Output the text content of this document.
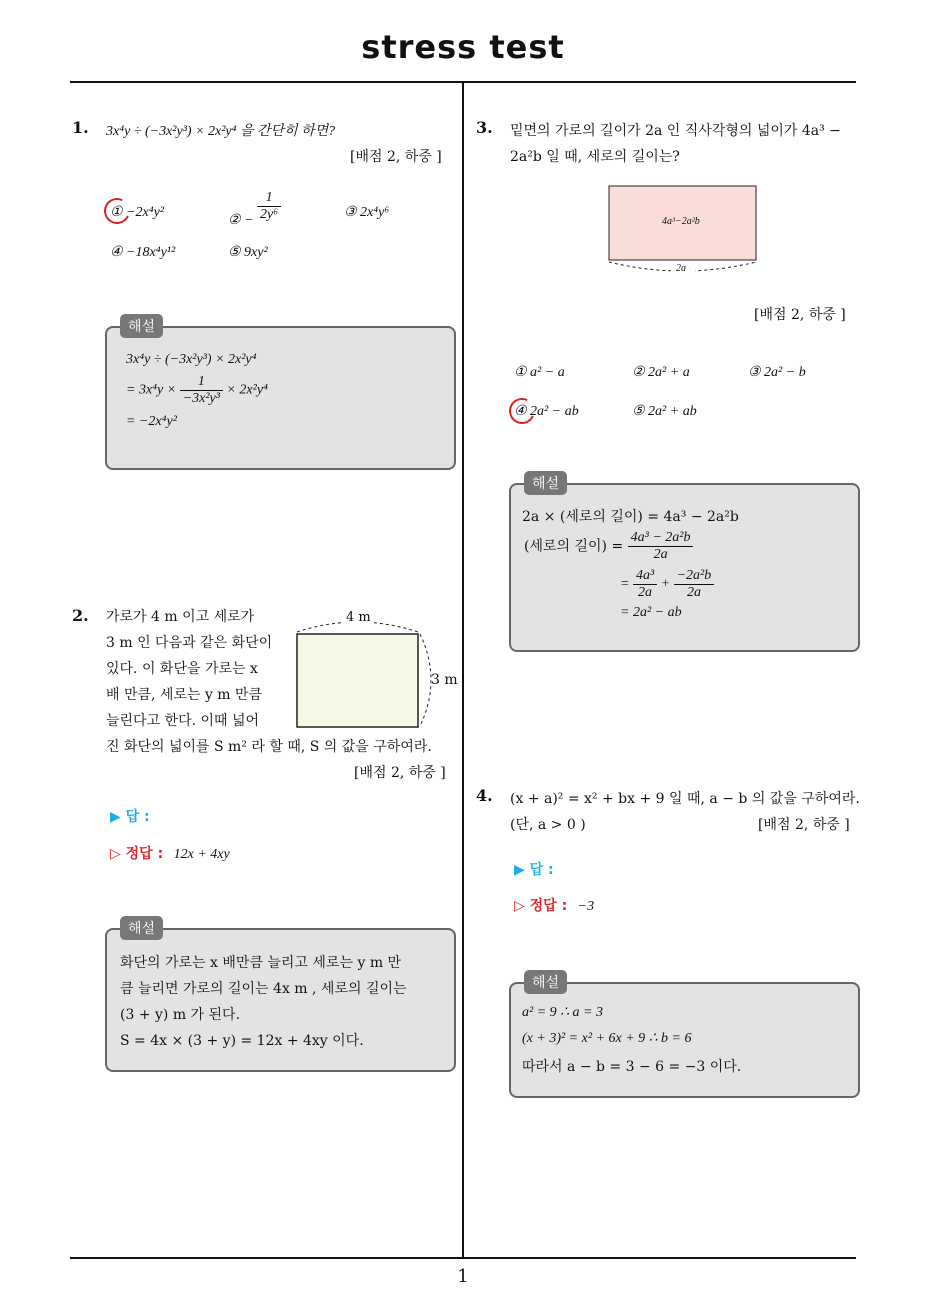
stress test
1
1. 3x⁴y ÷ (−3x²y³) × 2x²y⁴ 을 간단히 하면?
[배점 2, 하중 ]
① −2x⁴y²
② − $\frac{1}{\text{2y⁶}}$	③ 2x⁴y⁶
④ −18x⁴y¹²	⑤ 9xy²
해설
3x⁴y ÷ (−3x²y³) × 2x²y⁴
= $3x^4y \times \frac{1}{\text{−3x²y³}} \times 2x^2y^4$
= −2x⁴y²
2. 가로가 4 m 이고 세로가
3 m 인 다음과 같은 화단이
있다. 이 화단을 가로는 x
배 만큼, 세로는 y m 만큼
늘린다고 한다. 이때 넓어
진 화단의 넓이를 S m² 라 할 때, S 의 값을 구하여라.
4 m
3 m
[배점 2, 하중 ]
▶ 답 :
▷ 정답 : 12x + 4xy
해설
화단의 가로는 x 배만큼 늘리고 세로는 y m 만
큼 늘리면 가로의 길이는 4x m , 세로의 길이는
(3 + y) m 가 된다.
S = 4x × (3 + y) = 12x + 4xy 이다.
3. 밑면의 가로의 길이가 2a 인 직사각형의 넓이가 4a³ −
2a²b 일 때, 세로의 길이는?
4a³−2a²b
2a
[배점 2, 하중 ]
① a² − a	② 2a² + a	③ 2a² − b
④ 2a² − ab	⑤ 2a² + ab
해설
2a × (세로의 길이) = 4a³ − 2a²b
(세로의 길이) = $\frac{\text{4a³ − 2a²b}}{2a}$
= $\frac{\text{4a³}}{2a} + \frac{\text{−2a²b}}{2a}$
= 2a² − ab
4. (x + a)² = x² + bx + 9 일 때, a − b 의 값을 구하여라.
(단, a > 0 )	[배점 2, 하중 ]
▶ 답 :
▷ 정답 : −3
해설
a² = 9 ∴ a = 3
(x + 3)² = x² + 6x + 9 ∴ b = 6
따라서 a − b = 3 − 6 = −3 이다.
